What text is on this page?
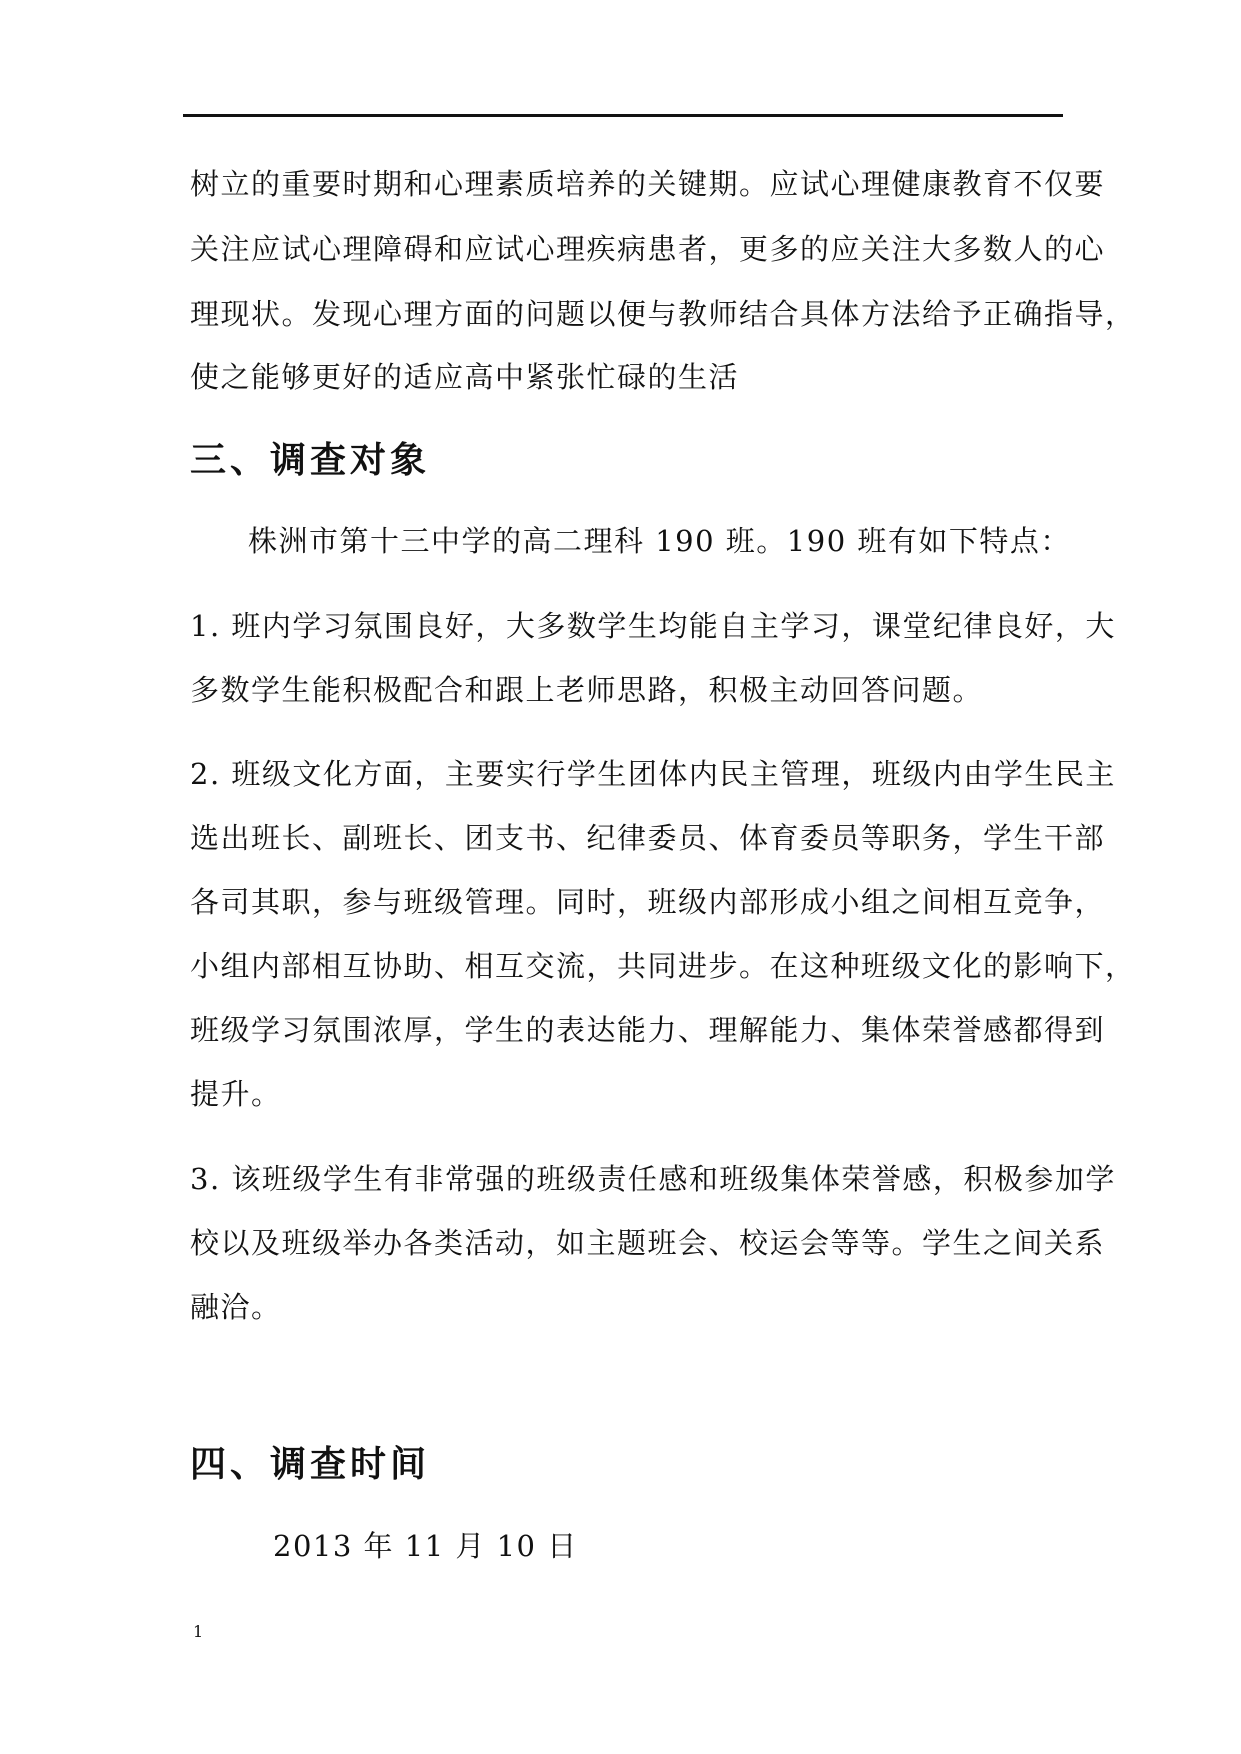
树立的重要时期和心理素质培养的关键期。应试心理健康教育不仅要
关注应试心理障碍和应试心理疾病患者，更多的应关注大多数人的心
理现状。发现心理方面的问题以便与教师结合具体方法给予正确指导，
使之能够更好的适应高中紧张忙碌的生活
三、调查对象
株洲市第十三中学的高二理科 190 班。190 班有如下特点：
1. 班内学习氛围良好，大多数学生均能自主学习，课堂纪律良好，大
多数学生能积极配合和跟上老师思路，积极主动回答问题。
2. 班级文化方面，主要实行学生团体内民主管理，班级内由学生民主
选出班长、副班长、团支书、纪律委员、体育委员等职务，学生干部
各司其职，参与班级管理。同时，班级内部形成小组之间相互竞争，
小组内部相互协助、相互交流，共同进步。在这种班级文化的影响下，
班级学习氛围浓厚，学生的表达能力、理解能力、集体荣誉感都得到
提升。
3. 该班级学生有非常强的班级责任感和班级集体荣誉感，积极参加学
校以及班级举办各类活动，如主题班会、校运会等等。学生之间关系
融洽。
四、调查时间
2013 年 11 月 10 日
1
